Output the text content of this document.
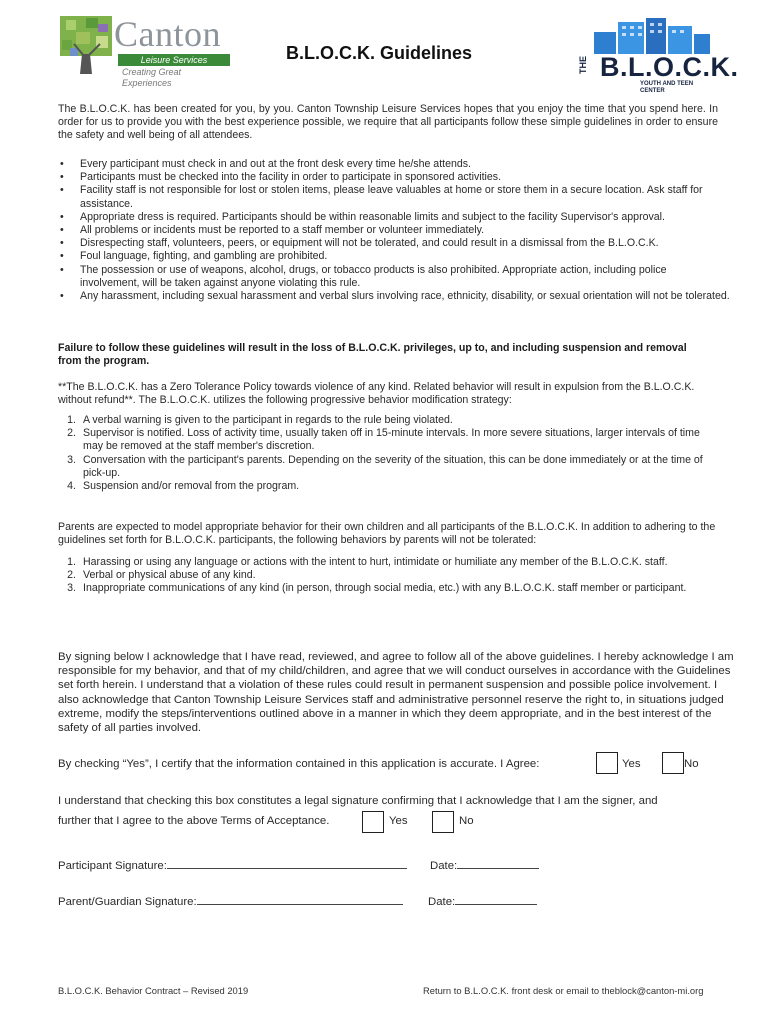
Canton
Leisure Services
Creating Great Experiences
B.L.O.C.K. Guidelines
THE B.L.O.C.K.
YOUTH AND TEEN CENTER
The B.L.O.C.K. has been created for you, by you. Canton Township Leisure Services hopes that you enjoy the time that you spend here. In order for us to provide you with the best experience possible, we require that all participants follow these simple guidelines in order to ensure the safety and well being of all attendees.
• Every participant must check in and out at the front desk every time he/she attends.
• Participants must be checked into the facility in order to participate in sponsored activities.
• Facility staff is not responsible for lost or stolen items, please leave valuables at home or store them in a secure location. Ask staff for assistance.
• Appropriate dress is required. Participants should be within reasonable limits and subject to the facility Supervisor's approval.
• All problems or incidents must be reported to a staff member or volunteer immediately.
• Disrespecting staff, volunteers, peers, or equipment will not be tolerated, and could result in a dismissal from the B.L.O.C.K.
• Foul language, fighting, and gambling are prohibited.
• The possession or use of weapons, alcohol, drugs, or tobacco products is also prohibited. Appropriate action, including police involvement, will be taken against anyone violating this rule.
• Any harassment, including sexual harassment and verbal slurs involving race, ethnicity, disability, or sexual orientation will not be tolerated.
Failure to follow these guidelines will result in the loss of B.L.O.C.K. privileges, up to, and including suspension and removal from the program.
**The B.L.O.C.K. has a Zero Tolerance Policy towards violence of any kind. Related behavior will result in expulsion from the B.L.O.C.K. without refund**. The B.L.O.C.K. utilizes the following progressive behavior modification strategy:
1. A verbal warning is given to the participant in regards to the rule being violated.
2. Supervisor is notified. Loss of activity time, usually taken off in 15-minute intervals. In more severe situations, larger intervals of time may be removed at the staff member's discretion.
3. Conversation with the participant's parents. Depending on the severity of the situation, this can be done immediately or at the time of pick-up.
4. Suspension and/or removal from the program.
Parents are expected to model appropriate behavior for their own children and all participants of the B.L.O.C.K. In addition to adhering to the guidelines set forth for B.L.O.C.K. participants, the following behaviors by parents will not be tolerated:
1. Harassing or using any language or actions with the intent to hurt, intimidate or humiliate any member of the B.L.O.C.K. staff.
2. Verbal or physical abuse of any kind.
3. Inappropriate communications of any kind (in person, through social media, etc.) with any B.L.O.C.K. staff member or participant.
By signing below I acknowledge that I have read, reviewed, and agree to follow all of the above guidelines. I hereby acknowledge I am responsible for my behavior, and that of my child/children, and agree that we will conduct ourselves in accordance with the Guidelines set forth herein. I understand that a violation of these rules could result in permanent suspension and possible police involvement. I also acknowledge that Canton Township Leisure Services staff and administrative personnel reserve the right to, in situations judged extreme, modify the steps/interventions outlined above in a manner in which they deem appropriate, and in the best interest of the safety of all parties involved.
By checking “Yes”, I certify that the information contained in this application is accurate. I Agree:	Yes	No
I understand that checking this box constitutes a legal signature confirming that I acknowledge that I am the signer, and
further that I agree to the above Terms of Acceptance.	Yes	No
Participant Signature:	Date:
Parent/Guardian Signature:	Date:
B.L.O.C.K. Behavior Contract – Revised 2019	Return to B.L.O.C.K. front desk or email to theblock@canton-mi.org
